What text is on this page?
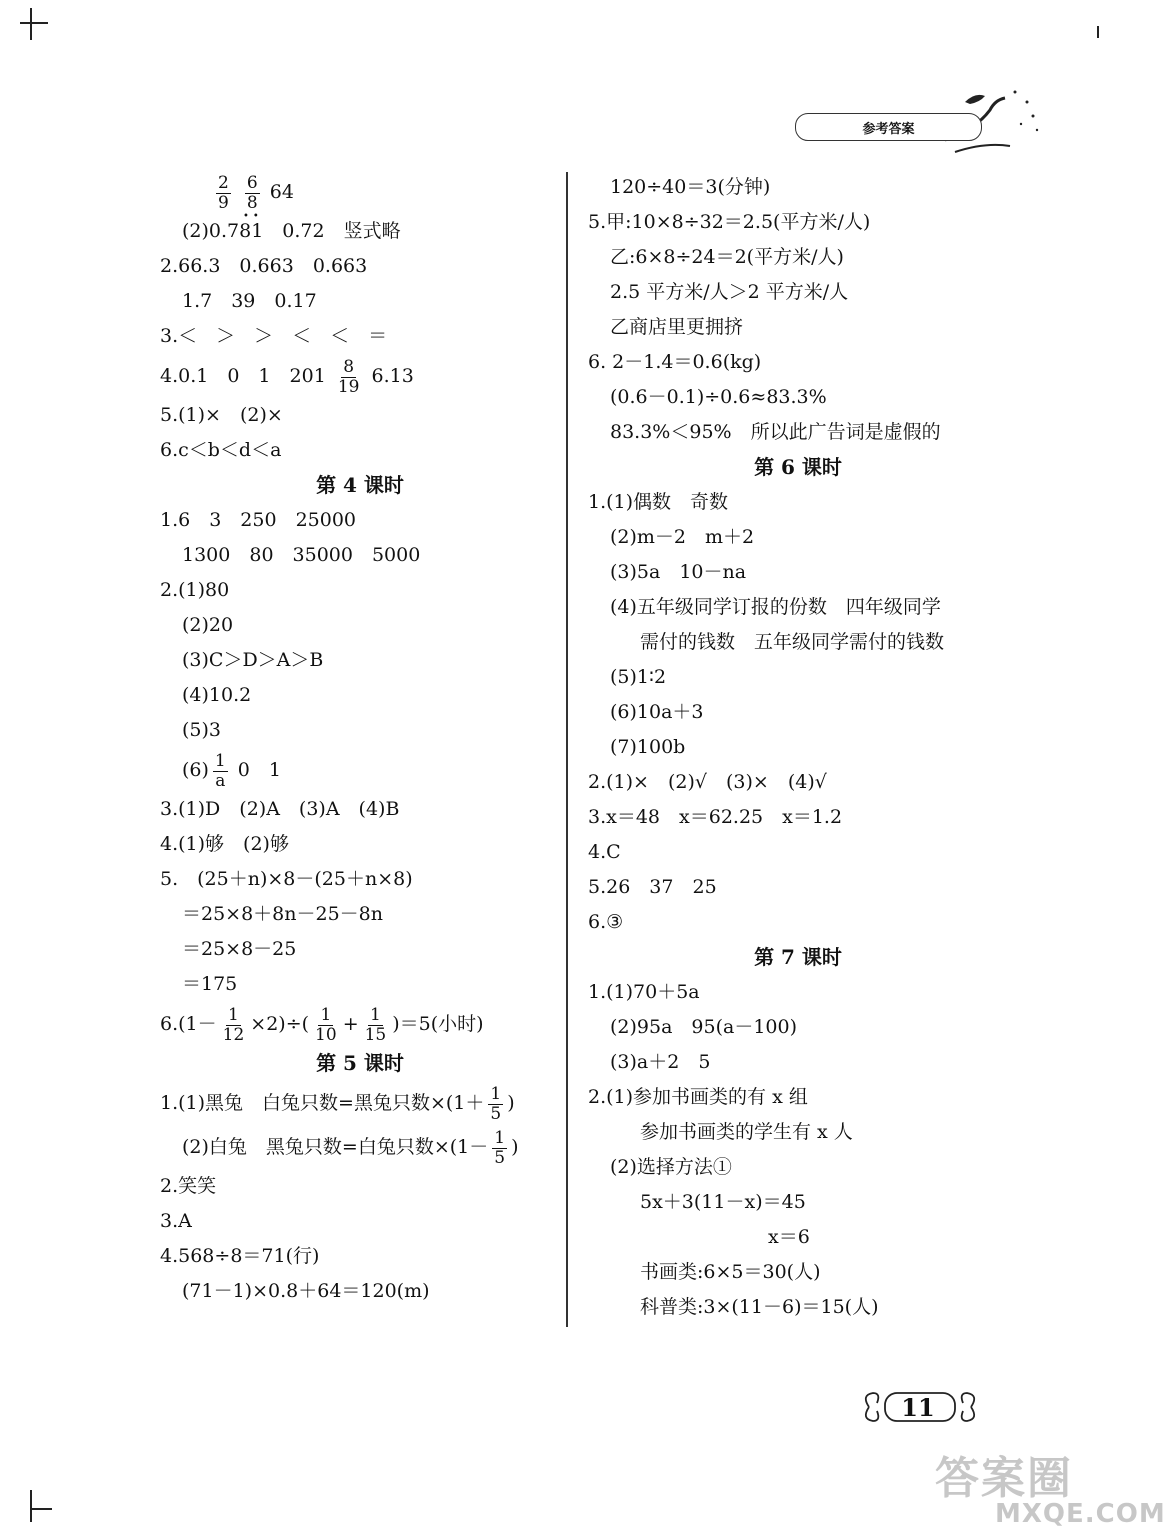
参考答案
$\frac{2}{9}$
$\frac{6}{8} 64$
••
(2)0.781　0.72　竖式略
2.66.3　0.663　0.663
1.7　39　0.17
3.＜　＞　＞　＜　＜　＝
4.0.1　0　1　$201 \frac{8}{19} 6.13$
5.(1)×　(2)×
6.c＜b＜d＜a
第 4 课时
1.6　3　250　25000
1300　80　35000　5000
2.(1)80
(2)20
(3)C＞D＞A＞B
(4)10.2
(5)3
$(6) \frac{1}{a} 0$　1
3.(1)D　(2)A　(3)A　(4)B
4.(1)够　(2)够
5.　(25＋n)×8－(25＋n×8)
＝25×8＋8n－25－8n
＝25×8－25
＝175
$6.(1- \frac{1}{12} \times 2)\div( \frac{1}{10} + \frac{1}{15} )=5$(小时)
第 5 课时
1.(1)黑兔　白兔只数=黑兔只数$\times(1+ \frac{1}{5}$ )
(2)白兔　黑兔只数=白兔只数$\times(1- \frac{1}{5}$ )
2.笑笑
3.A
4.568÷8＝71(行)
(71－1)×0.8＋64＝120(m)
120÷40＝3(分钟)
5.甲:10×8÷32＝2.5(平方米/人)
乙:6×8÷24＝2(平方米/人)
2.5 平方米/人＞2 平方米/人
乙商店里更拥挤
6. 2－1.4＝0.6(kg)
(0.6－0.1)÷0.6≈83.3%
83.3%＜95%　所以此广告词是虚假的
第 6 课时
1.(1)偶数　奇数
(2)m－2　m＋2
(3)5a　10－na
(4)五年级同学订报的份数　四年级同学
需付的钱数　五年级同学需付的钱数
(5)1∶2
(6)10a＋3
(7)100b
2.(1)×　(2)√　(3)×　(4)√
3.x＝48　x＝62.25　x＝1.2
4.C
5.26　37　25
6.③
第 7 课时
1.(1)70＋5a
(2)95a　95(a－100)
(3)a＋2　5
2.(1)参加书画类的有 x 组
参加书画类的学生有 x 人
(2)选择方法①
5x＋3(11－x)＝45
x＝6
书画类:6×5＝30(人)
科普类:3×(11－6)＝15(人)
11
答案圈
MXQE.COM
